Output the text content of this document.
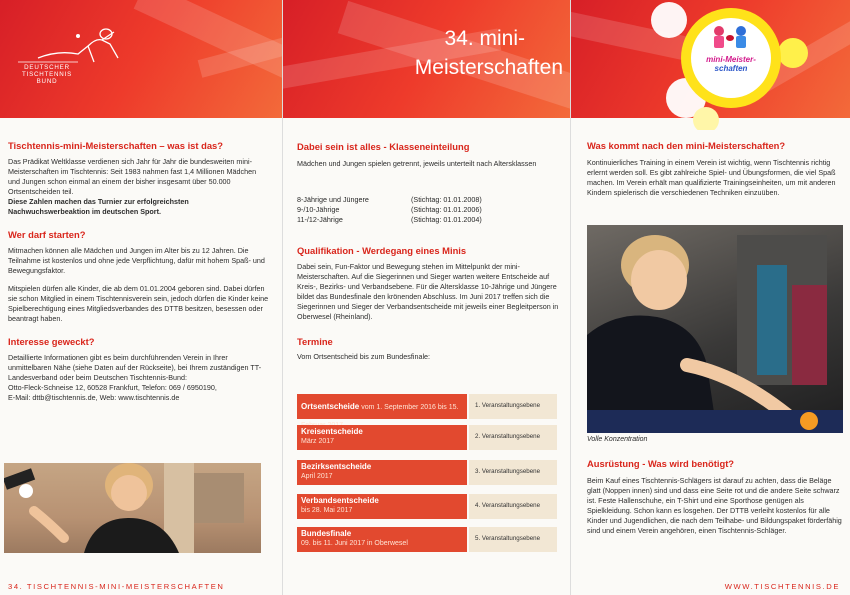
DEUTSCHER
TISCHTENNIS
BUND
Tischtennis-mini-Meisterschaften – was ist das?

Das Prädikat Weltklasse verdienen sich Jahr für Jahr die bundesweiten mini-Meisterschaften im Tischtennis: Seit 1983 nahmen fast 1,4 Millionen Mädchen und Jungen schon einmal an einem der bisher insgesamt über 50.000 Ortsentscheiden teil.

Diese Zahlen machen das Turnier zur erfolgreichsten Nachwuchswerbeaktion im deutschen Sport.

Wer darf starten?

Mitmachen können alle Mädchen und Jungen im Alter bis zu 12 Jahren. Die Teilnahme ist kostenlos und ohne jede Verpflichtung, dafür mit hohem Spaß- und Bewegungsfaktor.

Mitspielen dürfen alle Kinder, die ab dem 01.01.2004 geboren sind. Dabei dürfen sie schon Mitglied in einem Tischtennisverein sein, jedoch dürfen die Kinder keine Spielberechtigung eines Mitgliedsverbandes des DTTB besitzen, besessen oder beantragt haben.

Interesse geweckt?

Detaillierte Informationen gibt es beim durchführenden Verein in Ihrer unmittelbaren Nähe (siehe Daten auf der Rückseite), bei Ihrem zuständigen TT-Landesverband oder beim Deutschen Tischtennis-Bund:

Otto-Fleck-Schneise 12, 60528 Frankfurt, Telefon: 069 / 6950190,

E-Mail: dttb@tischtennis.de, Web: www.tischtennis.de

34. TISCHTENNIS-MINI-MEISTERSCHAFTEN
34. mini-
Meisterschaften
Dabei sein ist alles - Klasseneinteilung

Mädchen und Jungen spielen getrennt, jeweils unterteilt nach Altersklassen

8-Jährige und Jüngere
9-/10-Jährige
11-/12-Jährige
(Stichtag: 01.01.2008)
(Stichtag: 01.01.2006)
(Stichtag: 01.01.2004)
Qualifikation - Werdegang eines Minis

Dabei sein, Fun-Faktor und Bewegung stehen im Mittelpunkt der mini-Meisterschaften. Auf die Siegerinnen und Sieger warten weitere Entscheide auf Kreis-, Bezirks- und Verbandsebene. Für die Altersklasse 10-Jährige und Jüngere bildet das Bundesfinale den krönenden Abschluss. Im Juni 2017 treffen sich die Siegerinnen und Sieger der Verbandsentscheide mit jeweils einer Begleitperson in Oberwesel (Rheinland).

Termine

Vom Ortsentscheid bis zum Bundesfinale:

Ortsentscheide vom 1. September 2016 bis 15.	1. Veranstaltungsebene
Kreisentscheide
März 2017
2. Veranstaltungsebene
Bezirksentscheide
April 2017
3. Veranstaltungsebene
Verbandsentscheide
bis 28. Mai 2017
4. Veranstaltungsebene
Bundesfinale
09. bis 11. Juni 2017 in Oberwesel
5. Veranstaltungsebene
mini-Meister-
schaften
Was kommt nach den mini-Meisterschaften?

Kontinuierliches Training in einem Verein ist wichtig, wenn Tischtennis richtig erlernt werden soll. Es gibt zahlreiche Spiel- und Übungsformen, die viel Spaß machen. Im Verein erhält man qualifizierte Trainingseinheiten, um mit anderen Kindern spielerisch die verschiedenen Techniken einzuüben.

Volle Konzentration
Ausrüstung - Was wird benötigt?

Beim Kauf eines Tischtennis-Schlägers ist darauf zu achten, dass die Beläge glatt (Noppen innen) sind und dass eine Seite rot und die andere Seite schwarz ist. Feste Hallenschuhe, ein T-Shirt und eine Sporthose genügen als Spielkleidung. Schon kann es losgehen. Der DTTB verleiht kostenlos für alle Kinder und Jugendlichen, die nach dem Teilhabe- und Bildungspaket förderfähig sind und einem Verein angehören, einen Tischtennis-Schläger.

WWW.TISCHTENNIS.DE
